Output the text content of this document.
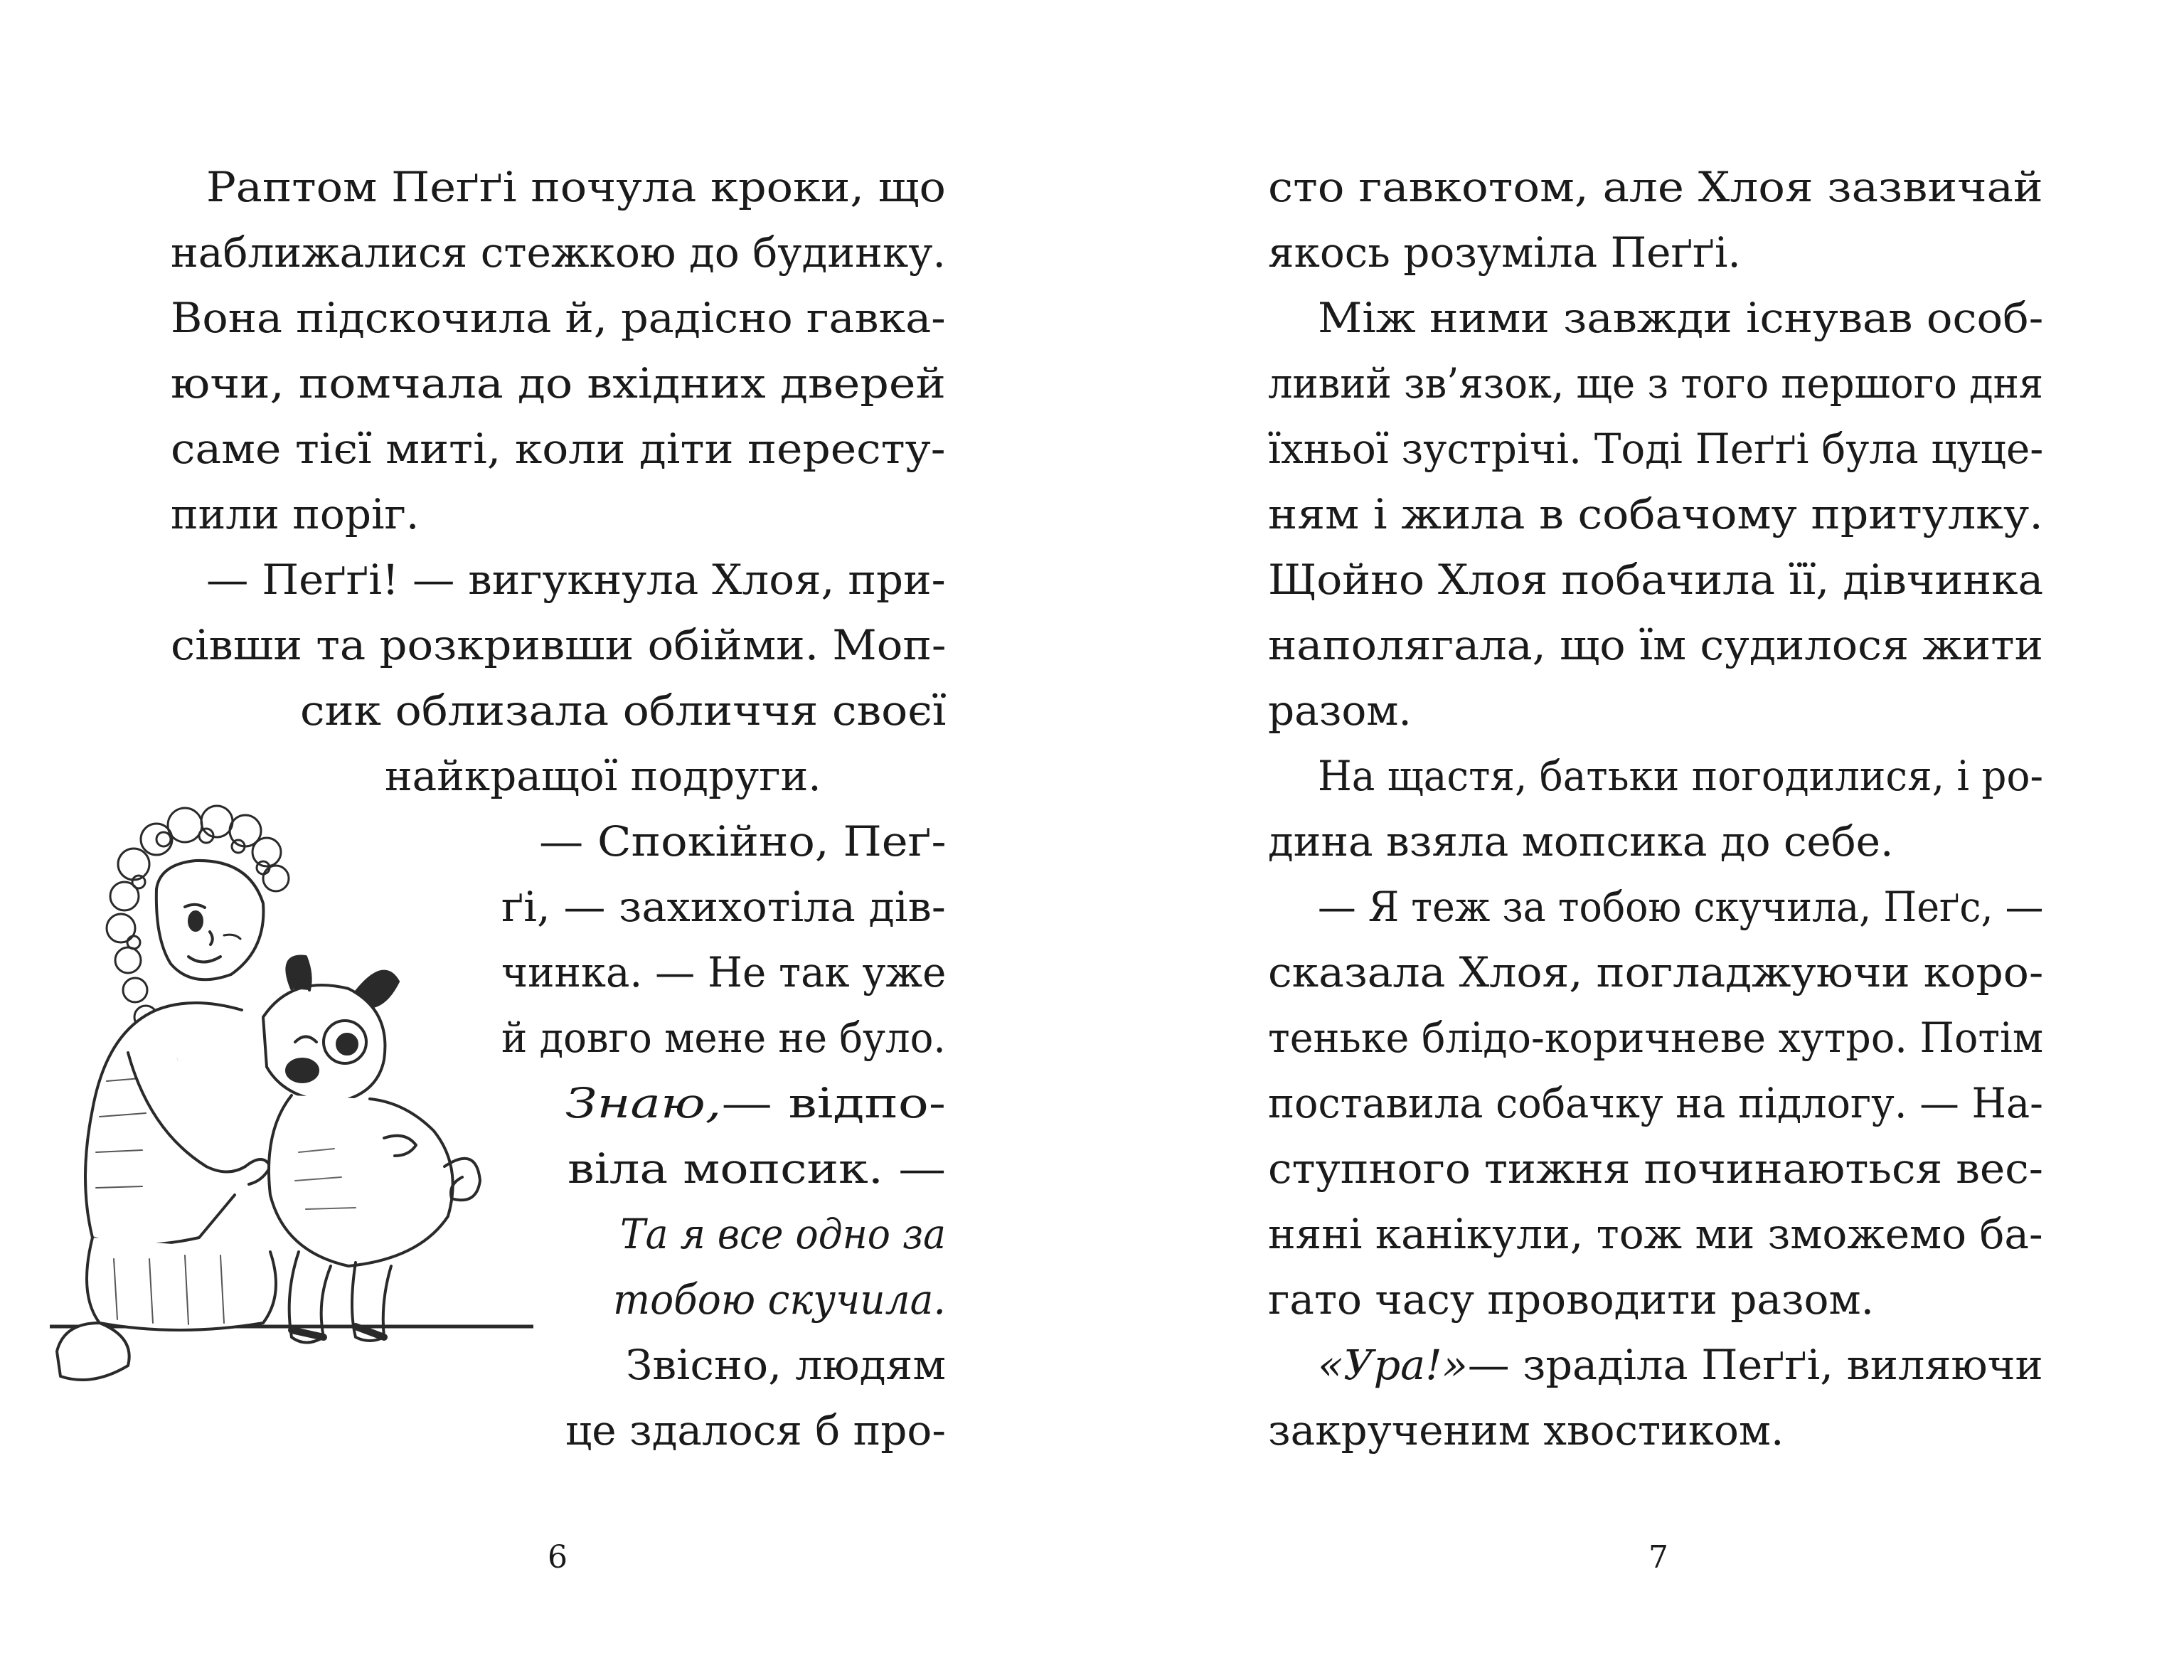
Раптом Пеґґі почула кроки, що
наближалися стежкою до будинку.
Вона підскочила й, радісно гавка-
ючи, помчала до вхідних дверей
саме тієї миті, коли діти пересту-
пили поріг.
— Пеґґі! — вигукнула Хлоя, при-
сівши та розкривши обійми. Моп-
сик облизала обличчя своєї
найкращої подруги.
— Спокійно, Пеґ-
ґі, — захихотіла дів-
чинка. — Не так уже
й довго мене не було.
Знаю,— відпо-
віла мопсик. —
Та я все одно за
тобою скучила.
Звісно, людям
це здалося б про-
6
сто гавкотом, але Хлоя зазвичай
якось розуміла Пеґґі.
Між ними завжди існував особ-
ливий зв’язок, ще з того першого дня
їхньої зустрічі. Тоді Пеґґі була цуце-
ням і жила в собачому притулку.
Щойно Хлоя побачила її, дівчинка
наполягала, що їм судилося жити
разом.
На щастя, батьки погодилися, і ро-
дина взяла мопсика до себе.
— Я теж за тобою скучила, Пеґс, —
сказала Хлоя, погладжуючи коро-
теньке блідо-коричневе хутро. Потім
поставила собачку на підлогу. — На-
ступного тижня починаються вес-
няні канікули, тож ми зможемо ба-
гато часу проводити разом.
«Ура!»— зраділа Пеґґі, виляючи
закрученим хвостиком.
7
